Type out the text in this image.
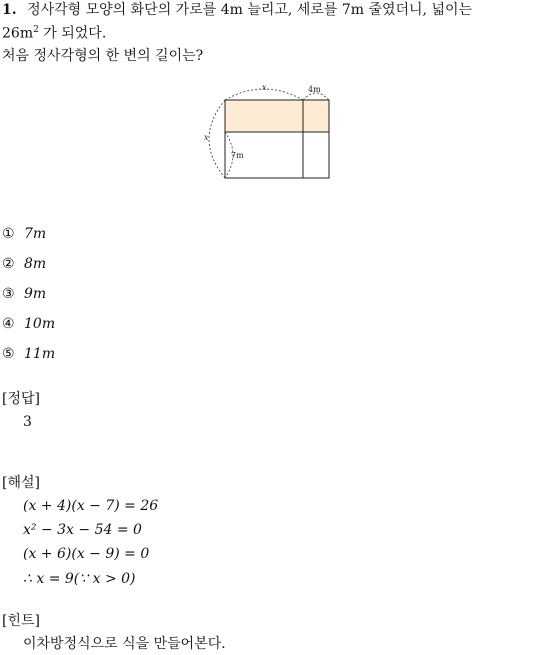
1. 정사각형 모양의 화단의 가로를 4m 늘리고, 세로를 7m 줄였더니, 넓이는
$26m^2$ 가 되었다.
처음 정사각형의 한 변의 길이는?
x	4m
x
7m
① 7m
② 8m
③ 9m
④ 10m
⑤ 11m
[정답]
3
[해설]
(x + 4)(x − 7) = 26
x² − 3x − 54 = 0
(x + 6)(x − 9) = 0
∴ x = 9(∵ x > 0)
[힌트]
이차방정식으로 식을 만들어본다.
